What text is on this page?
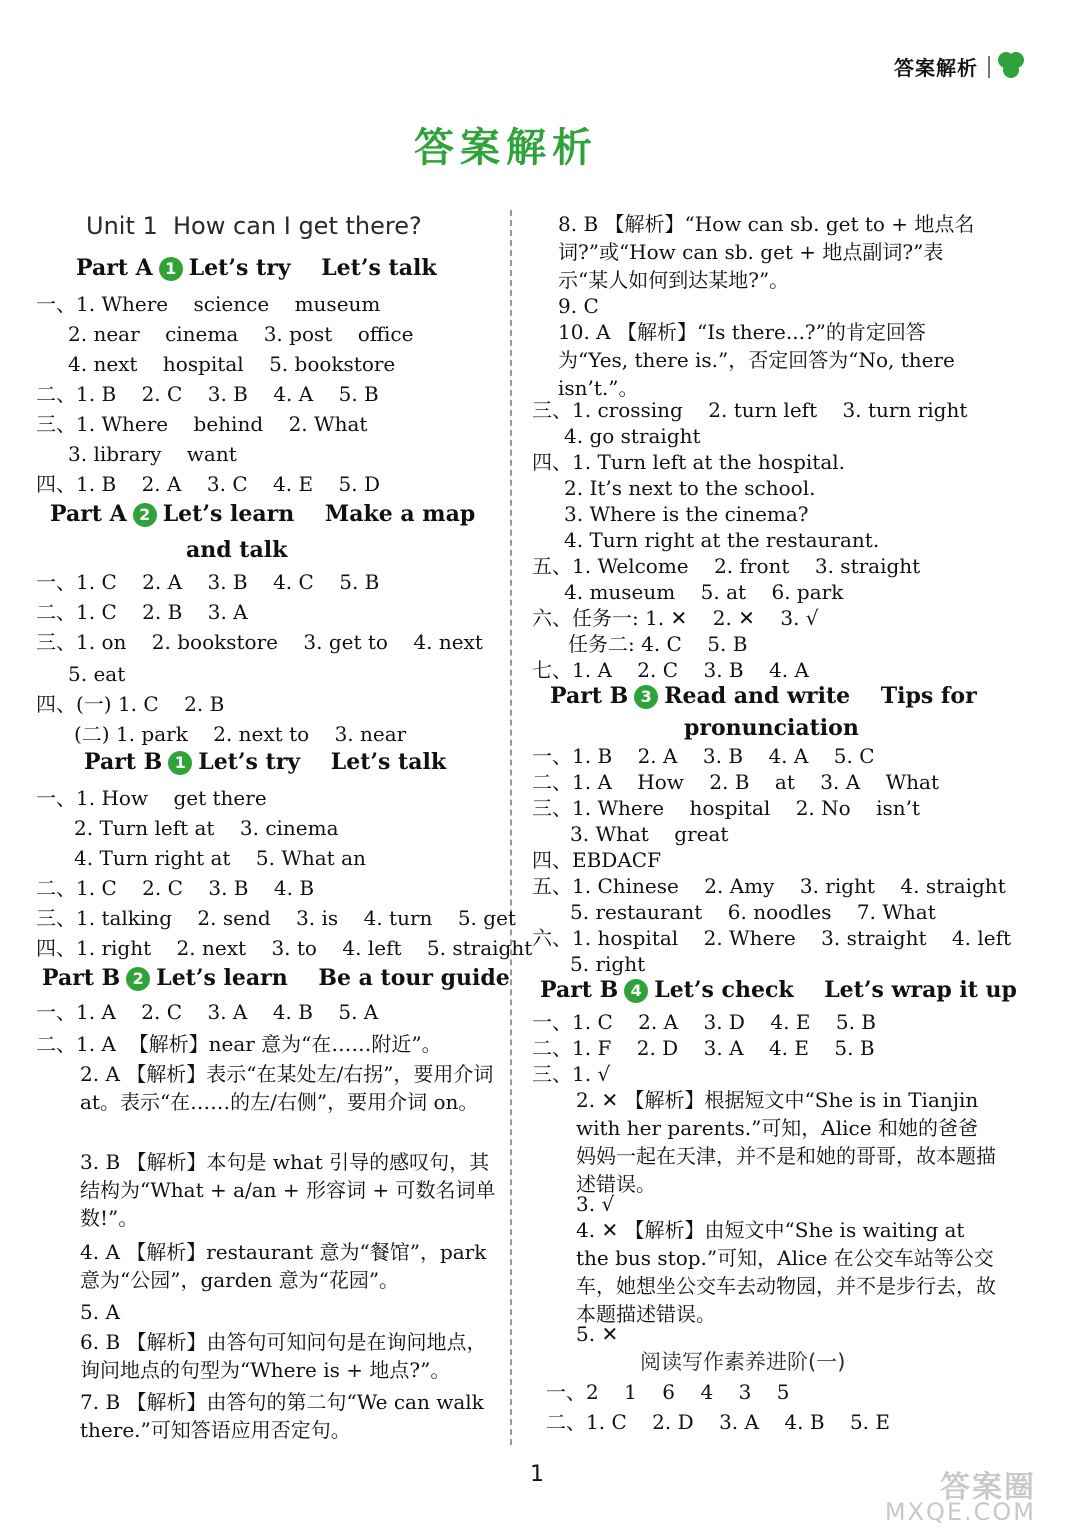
答案解析
答案解析
Unit 1  How can I get there?
Part A 1 Let’s try    Let’s talk
一、1. Where    science    museum
2. near    cinema    3. post    office
4. next    hospital    5. bookstore
二、1. B    2. C    3. B    4. A    5. B
三、1. Where    behind    2. What
3. library    want
四、1. B    2. A    3. C    4. E    5. D
Part A 2 Let’s learn    Make a map
and talk
一、1. C    2. A    3. B    4. C    5. B
二、1. C    2. B    3. A
三、1. on    2. bookstore    3. get to    4. next
5. eat
四、(一) 1. C    2. B
(二) 1. park    2. next to    3. near
Part B 1 Let’s try    Let’s talk
一、1. How    get there
2. Turn left at    3. cinema
4. Turn right at    5. What an
二、1. C    2. C    3. B    4. B
三、1. talking    2. send    3. is    4. turn    5. get
四、1. right    2. next    3. to    4. left    5. straight
Part B 2 Let’s learn    Be a tour guide
一、1. A    2. C    3. A    4. B    5. A
二、1. A  【解析】near 意为“在……附近”。
2. A 【解析】表示“在某处左/右拐”，要用介词 at。表示“在……的左/右侧”，要用介词 on。
3. B 【解析】本句是 what 引导的感叹句，其结构为“What + a/an + 形容词 + 可数名词单数!”。
4. A 【解析】restaurant 意为“餐馆”，park 意为“公园”，garden 意为“花园”。
5. A
6. B 【解析】由答句可知问句是在询问地点，询问地点的句型为“Where is + 地点?”。
7. B 【解析】由答句的第二句“We can walk there.”可知答语应用否定句。
8. B 【解析】“How can sb. get to + 地点名词?”或“How can sb. get + 地点副词?”表示“某人如何到达某地?”。
9. C
10. A 【解析】“Is there...?”的肯定回答为“Yes, there is.”，否定回答为“No, there isn’t.”。
三、1. crossing    2. turn left    3. turn right
4. go straight
四、1. Turn left at the hospital.
2. It’s next to the school.
3. Where is the cinema?
4. Turn right at the restaurant.
五、1. Welcome    2. front    3. straight
4. museum    5. at    6. park
六、任务一: 1. ✕    2. ✕    3. √
任务二: 4. C    5. B
七、1. A    2. C    3. B    4. A
Part B 3 Read and write    Tips for
pronunciation
一、1. B    2. A    3. B    4. A    5. C
二、1. A    How    2. B    at    3. A    What
三、1. Where    hospital    2. No    isn’t
3. What    great
四、EBDACF
五、1. Chinese    2. Amy    3. right    4. straight
5. restaurant    6. noodles    7. What
六、1. hospital    2. Where    3. straight    4. left
5. right
Part B 4 Let’s check    Let’s wrap it up
一、1. C    2. A    3. D    4. E    5. B
二、1. F    2. D    3. A    4. E    5. B
三、1. √
2. ✕ 【解析】根据短文中“She is in Tianjin with her parents.”可知，Alice 和她的爸爸妈妈一起在天津，并不是和她的哥哥，故本题描述错误。
3. √
4. ✕ 【解析】由短文中“She is waiting at the bus stop.”可知，Alice 在公交车站等公交车，她想坐公交车去动物园，并不是步行去，故本题描述错误。
5. ✕
阅读写作素养进阶(一)
一、2    1    6    4    3    5
二、1. C    2. D    3. A    4. B    5. E
1	答案圈
MXQE.COM
